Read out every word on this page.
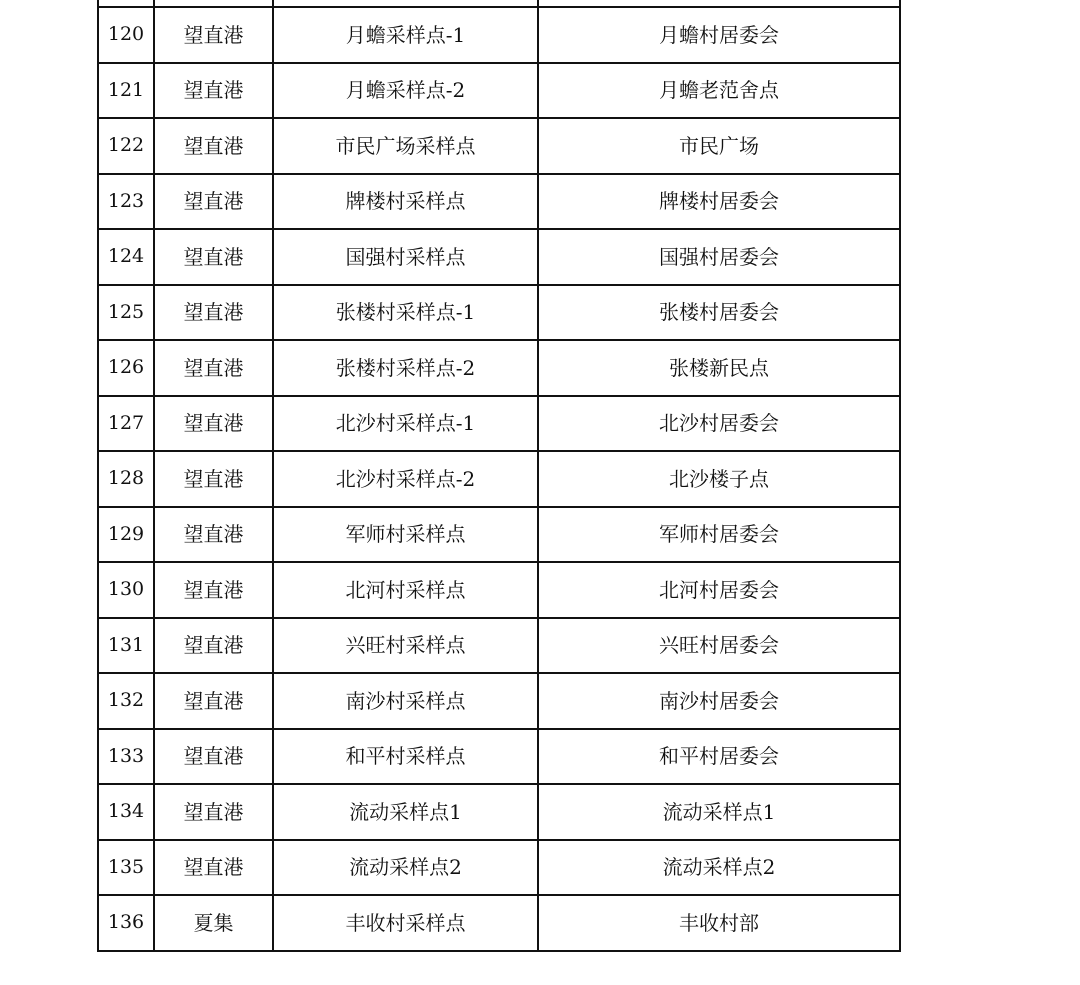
120	望直港	月蟾采样点-1	月蟾村居委会
121	望直港	月蟾采样点-2	月蟾老范舍点
122	望直港	市民广场采样点	市民广场
123	望直港	牌楼村采样点	牌楼村居委会
124	望直港	国强村采样点	国强村居委会
125	望直港	张楼村采样点-1	张楼村居委会
126	望直港	张楼村采样点-2	张楼新民点
127	望直港	北沙村采样点-1	北沙村居委会
128	望直港	北沙村采样点-2	北沙楼子点
129	望直港	军师村采样点	军师村居委会
130	望直港	北河村采样点	北河村居委会
131	望直港	兴旺村采样点	兴旺村居委会
132	望直港	南沙村采样点	南沙村居委会
133	望直港	和平村采样点	和平村居委会
134	望直港	流动采样点1	流动采样点1
135	望直港	流动采样点2	流动采样点2
136	夏集	丰收村采样点	丰收村部
